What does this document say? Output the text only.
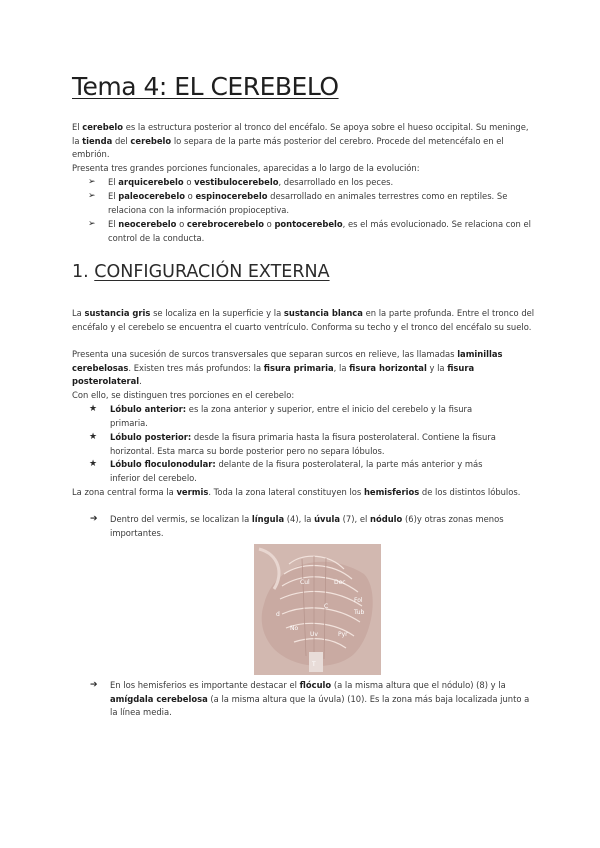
Tema 4: EL CEREBELO

El cerebelo es la estructura posterior al tronco del encéfalo. Se apoya sobre el hueso occipital. Su meninge, la tienda del cerebelo lo separa de la parte más posterior del cerebro. Procede del metencéfalo en el embrión.

Presenta tres grandes porciones funcionales, aparecidas a lo largo de la evolución:

➢ El arquicerebelo o vestibulocerebelo, desarrollado en los peces.

➢ El paleocerebelo o espinocerebelo desarrollado en animales terrestres como en reptiles. Se relaciona con la información propioceptiva.

➢ El neocerebelo o cerebrocerebelo o pontocerebelo, es el más evolucionado. Se relaciona con el control de la conducta.

1. CONFIGURACIÓN EXTERNA

La sustancia gris se localiza en la superficie y la sustancia blanca en la parte profunda. Entre el tronco del encéfalo y el cerebelo se encuentra el cuarto ventrículo. Conforma su techo y el tronco del encéfalo su suelo.

Presenta una sucesión de surcos transversales que separan surcos en relieve, las llamadas laminillas cerebelosas. Existen tres más profundos: la fisura primaria, la fisura horizontal y la fisura posterolateral.

Con ello, se distinguen tres porciones en el cerebelo:

★ Lóbulo anterior: es la zona anterior y superior, entre el inicio del cerebelo y la fisura primaria.

★ Lóbulo posterior: desde la fisura primaria hasta la fisura posterolateral. Contiene la fisura horizontal. Esta marca su borde posterior pero no separa lóbulos.

★ Lóbulo floculonodular: delante de la fisura posterolateral, la parte más anterior y más inferior del cerebelo.

La zona central forma la vermis. Toda la zona lateral constituyen los hemisferios de los distintos lóbulos.

➔ Dentro del vermis, se localizan la língula (4), la úvula (7), el nódulo (6)y otras zonas menos importantes.

Cul	Dec
Fol
Tub
Pyr
Uv
No
T
C
d
➔ En los hemisferios es importante destacar el flóculo (a la misma altura que el nódulo) (8) y la amígdala cerebelosa (a la misma altura que la úvula) (10). Es la zona más baja localizada junto a la línea media.
